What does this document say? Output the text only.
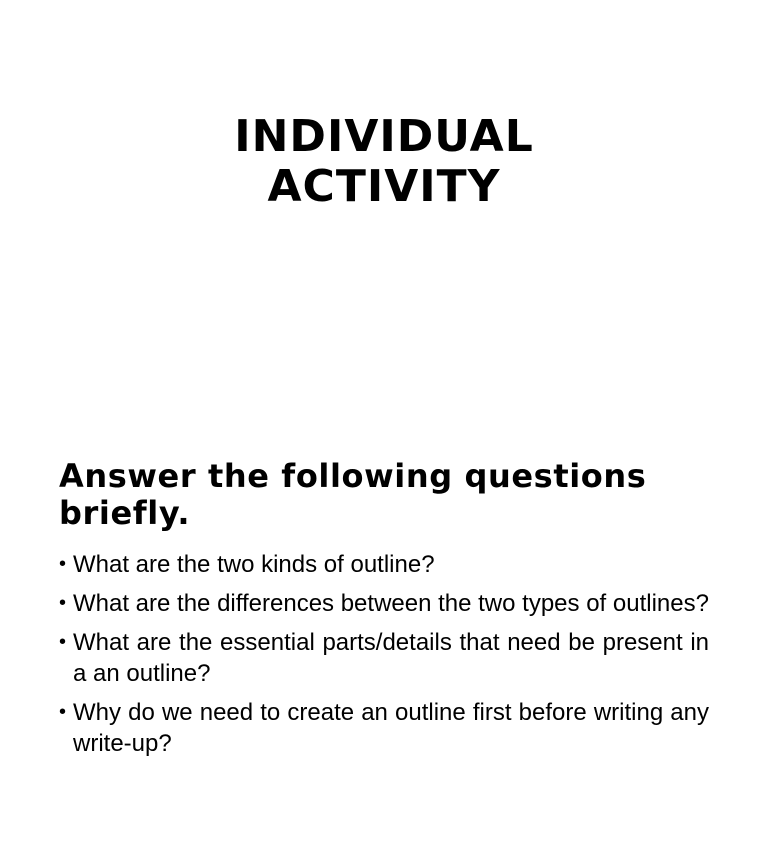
INDIVIDUAL
ACTIVITY
Answer the following questions briefly.
• What are the two kinds of outline?
• What are the differences between the two types of outlines?
• What are the essential parts/details that need be present in a an outline?
• Why do we need to create an outline first before writing any write-up?
